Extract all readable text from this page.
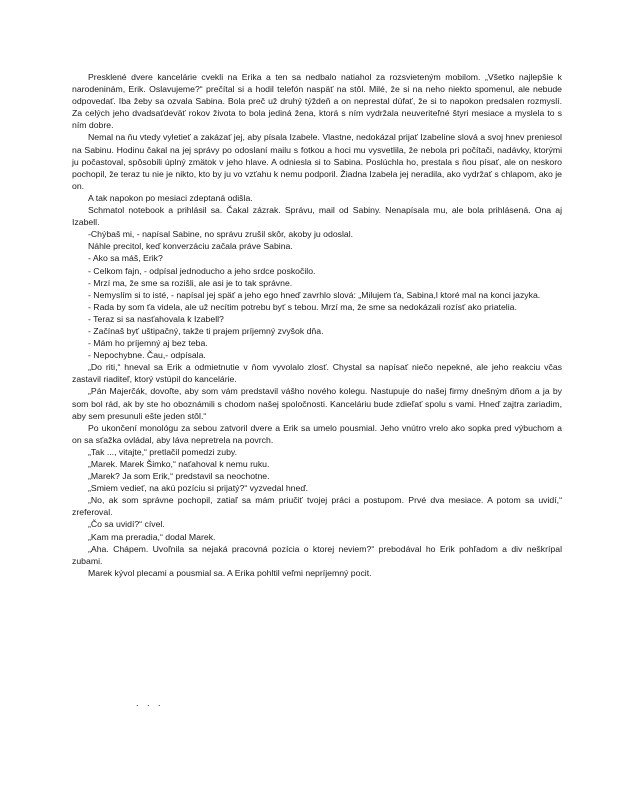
Presklené dvere kancelárie cvekli na Erika a ten sa nedbalo natiahol za rozsvieteným mobilom. „Všetko najlepšie k narodeninám, Erik. Oslavujeme?“ prečítal si a hodil telefón naspäť na stôl. Milé, že si na neho niekto spomenul, ale nebude odpovedať. Iba žeby sa ozvala Sabina. Bola preč už druhý týždeň a on neprestal dúfať, že si to napokon predsalen rozmyslí. Za celých jeho dvadsaťdeväť rokov života to bola jediná žena, ktorá s ním vydržala neuveriteľné štyri mesiace a myslela to s ním dobre.

Nemal na ňu vtedy vyletieť a zakázať jej, aby písala Izabele. Vlastne, nedokázal prijať Izabeline slová a svoj hnev preniesol na Sabinu. Hodinu čakal na jej správy po odoslaní mailu s fotkou a hoci mu vysvetlila, že nebola pri počítači, nadávky, ktorými ju počastoval, spôsobili úplný zmätok v jeho hlave. A odniesla si to Sabina. Poslúchla ho, prestala s ňou písať, ale on neskoro pochopil, že teraz tu nie je nikto, kto by ju vo vzťahu k nemu podporil. Žiadna Izabela jej neradila, ako vydržať s chlapom, ako je on.

A tak napokon po mesiaci zdeptaná odišla.

Schmatol notebook a prihlásil sa. Čakal zázrak. Správu, mail od Sabiny. Nenapísala mu, ale bola prihlásená. Ona aj Izabell.

-Chýbaš mi, - napísal Sabine, no správu zrušil skôr, akoby ju odoslal.

Náhle precitol, keď konverzáciu začala práve Sabina.

- Ako sa máš, Erik?

- Celkom fajn, - odpísal jednoducho a jeho srdce poskočilo.

- Mrzí ma, že sme sa rozišli, ale asi je to tak správne.

- Nemyslím si to isté, - napísal jej späť a jeho ego hneď zavrhlo slová: „Milujem ťa, Sabina,l ktoré mal na konci jazyka.

- Rada by som ťa videla, ale už necítim potrebu byť s tebou. Mrzí ma, že sme sa nedokázali rozísť ako priatelia.

- Teraz si sa nasťahovala k Izabell?

- Začínaš byť uštipačný, takže ti prajem príjemný zvyšok dňa.

- Mám ho príjemný aj bez teba.

- Nepochybne. Čau,- odpísala.

„Do riti,“ hneval sa Erik a odmietnutie v ňom vyvolalo zlosť. Chystal sa napísať niečo nepekné, ale jeho reakciu včas zastavil riaditeľ, ktorý vstúpil do kancelárie.

„Pán Majerčák, dovoľte, aby som vám predstavil vášho nového kolegu. Nastupuje do našej firmy dnešným dňom a ja by som bol rád, ak by ste ho oboznámili s chodom našej spoločnosti. Kanceláriu bude zdieľať spolu s vami. Hneď zajtra zariadim, aby sem presunuli ešte jeden stôl.“

Po ukončení monológu za sebou zatvoril dvere a Erik sa umelo pousmial. Jeho vnútro vrelo ako sopka pred výbuchom a on sa sťažka ovládal, aby láva nepretrela na povrch.

„Tak ..., vitajte,“ pretlačil pomedzi zuby.

„Marek. Marek Šimko,“ naťahoval k nemu ruku.

„Marek? Ja som Erik,“ predstavil sa neochotne.

„Smiem vedieť, na akú pozíciu si prijatý?“ vyzvedal hneď.

„No, ak som správne pochopil, zatiaľ sa mám priučiť tvojej práci a postupom. Prvé dva mesiace. A potom sa uvidí,“ zreferoval.

„Čo sa uvidí?“ cível.

„Kam ma preradia,“ dodal Marek.

„Aha. Chápem. Uvoľnila sa nejaká pracovná pozícia o ktorej neviem?“ prebodával ho Erik pohľadom a div neškrípal zubami.

Marek kývol plecami a pousmial sa. A Erika pohltil veľmi nepríjemný pocit.

. . .
